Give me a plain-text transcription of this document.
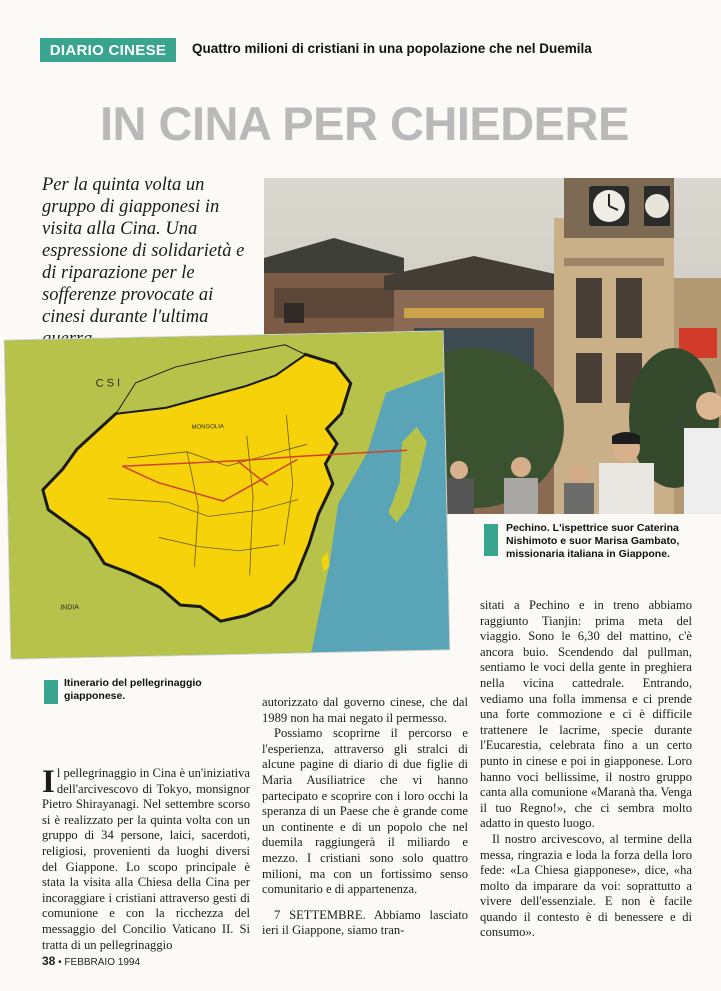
DIARIO CINESE Quattro milioni di cristiani in una popolazione che nel Duemila
IN CINA PER CHIEDERE
Per la quinta volta un gruppo di giapponesi in visita alla Cina. Una espressione di solidarietà e di riparazione per le sofferenze provocate ai cinesi durante l'ultima
Pechino. L'ispettrice suor Caterina Nishimoto e suor Marisa Gambato, missionaria italiana in Giappone.
C S I
MONGOLIA
INDIA
Itinerario del pellegrinaggio giapponese.

Il pellegrinaggio in Cina è un'iniziativa dell'arcivescovo di Tokyo, monsignor Pietro Shirayanagi. Nel settembre scorso si è realizzato per la quinta volta con un gruppo di 34 persone, laici, sacerdoti, religiosi, provenienti da luoghi diversi del Giappone. Lo scopo principale è stata la visita alla Chiesa della Cina per incoraggiare i cristiani attraverso gesti di comunione e con la ricchezza del messaggio del Concilio Vaticano II. Si tratta di un pellegrinaggio

autorizzato dal governo cinese, che dal 1989 non ha mai negato il permesso.

Possiamo scoprirne il percorso e l'esperienza, attraverso gli stralci di alcune pagine di diario di due figlie di Maria Ausiliatrice che vi hanno partecipato e scoprire con i loro occhi la speranza di un Paese che è grande come un continente e di un popolo che nel duemila raggiungerà il miliardo e mezzo. I cristiani sono solo quattro milioni, ma con un fortissimo senso comunitario e di appartenenza.

7 SETTEMBRE. Abbiamo lasciato ieri il Giappone, siamo tran-

sitati a Pechino e in treno abbiamo raggiunto Tianjin: prima meta del viaggio. Sono le 6,30 del mattino, c'è ancora buio. Scendendo dal pullman, sentiamo le voci della gente in preghiera nella vicina cattedrale. Entrando, vediamo una folla immensa e ci prende una forte commozione e ci è difficile trattenere le lacrime, specie durante l'Eucarestia, celebrata fino a un certo punto in cinese e poi in giapponese. Loro hanno voci bellissime, il nostro gruppo canta alla comunione «Maranà tha. Venga il tuo Regno!», che ci sembra molto adatto in questo luogo.

Il nostro arcivescovo, al termine della messa, ringrazia e loda la forza della loro fede: «La Chiesa giapponese», dice, «ha molto da imparare da voi: soprattutto a vivere dell'essenziale. E non è facile quando il contesto è di benessere e di consumo».

38 • FEBBRAIO 1994
